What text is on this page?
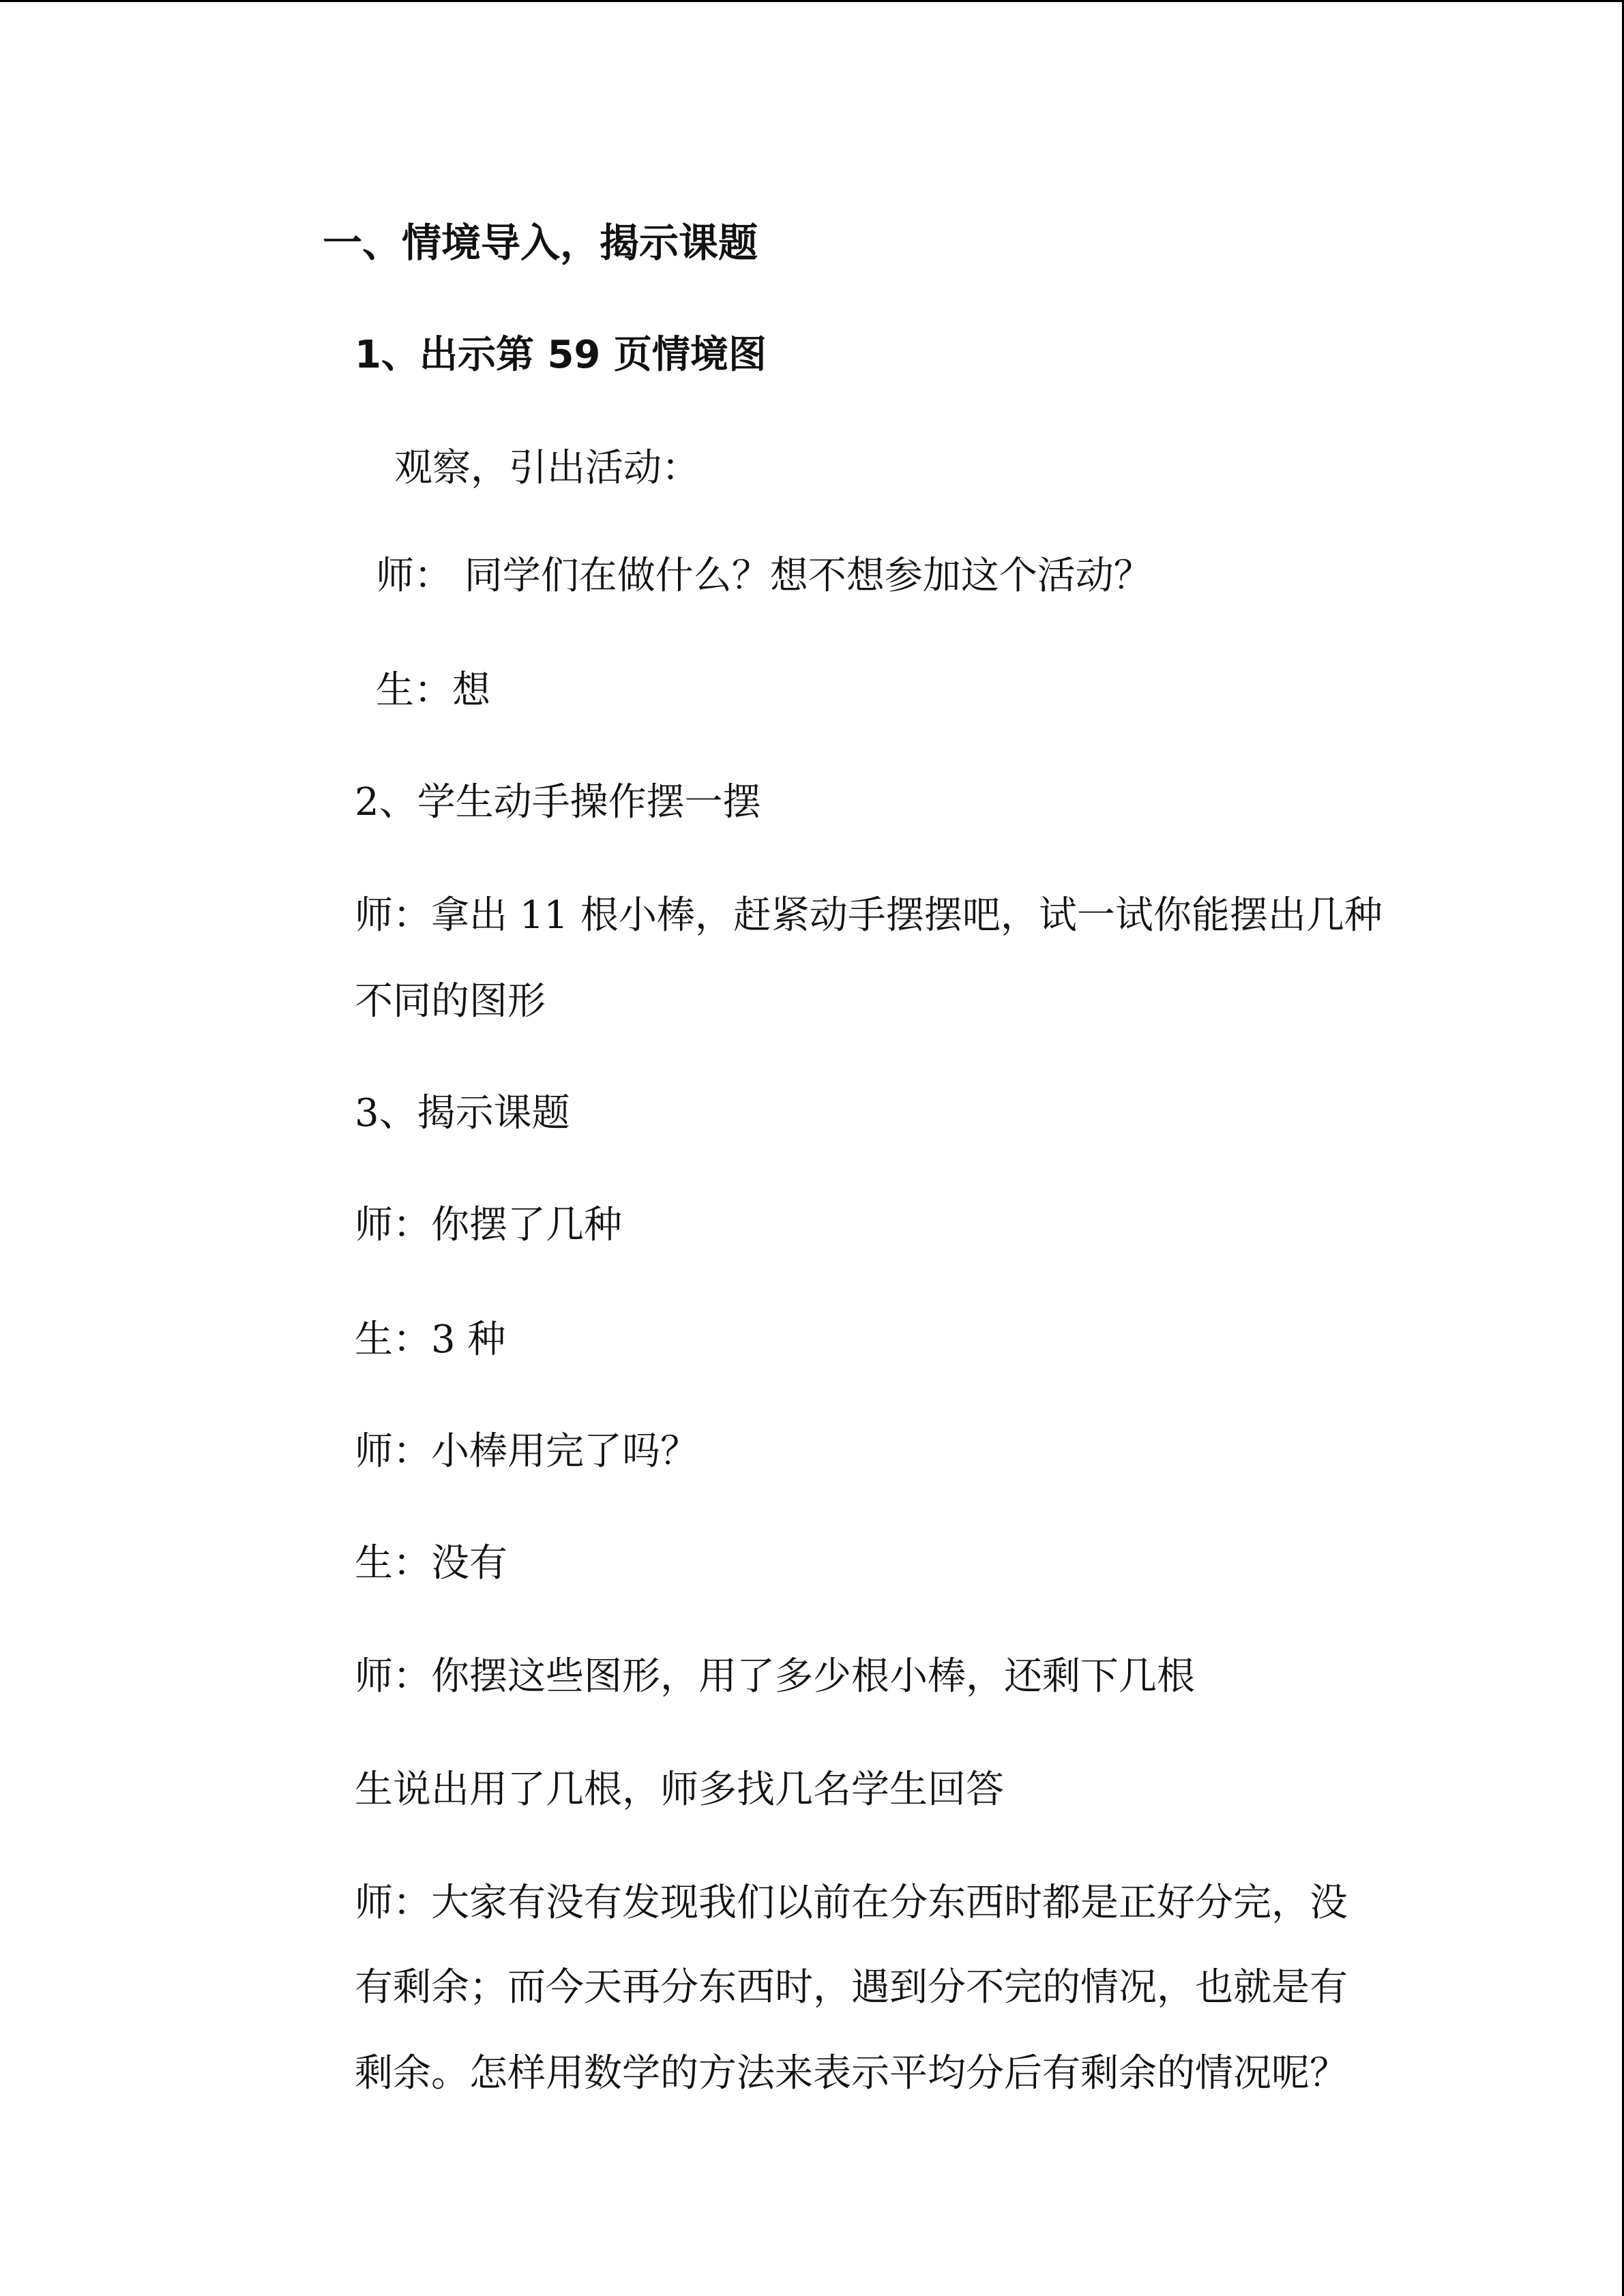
一、情境导入，揭示课题

1、出示第 59 页情境图

观察，引出活动：

师： 同学们在做什么？想不想参加这个活动？

生：想

2、学生动手操作摆一摆

师：拿出 11 根小棒，赶紧动手摆摆吧，试一试你能摆出几种

不同的图形

3、揭示课题

师：你摆了几种

生：3 种

师：小棒用完了吗？

生：没有

师：你摆这些图形，用了多少根小棒，还剩下几根

生说出用了几根，师多找几名学生回答

师：大家有没有发现我们以前在分东西时都是正好分完，没

有剩余；而今天再分东西时，遇到分不完的情况，也就是有

剩余。怎样用数学的方法来表示平均分后有剩余的情况呢？
